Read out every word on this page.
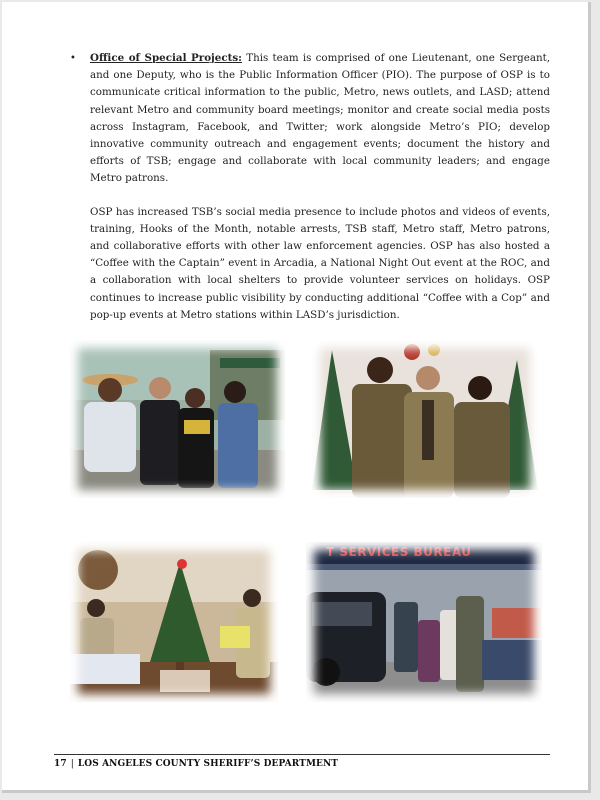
• Office of Special Projects: This team is comprised of one Lieutenant, one Sergeant, and one Deputy, who is the Public Information Officer (PIO). The purpose of OSP is to communicate critical information to the public, Metro, news outlets, and LASD; attend relevant Metro and community board meetings; monitor and create social media posts across Instagram, Facebook, and Twitter; work alongside Metro’s PIO; develop innovative community outreach and engagement events; document the history and efforts of TSB; engage and collaborate with local community leaders; and engage Metro patrons.
OSP has increased TSB’s social media presence to include photos and videos of events, training, Hooks of the Month, notable arrests, TSB staff, Metro staff, Metro patrons, and collaborative efforts with other law enforcement agencies. OSP has also hosted a “Coffee with the Captain” event in Arcadia, a National Night Out event at the ROC, and a collaboration with local shelters to provide volunteer services on holidays. OSP continues to increase public visibility by conducting additional “Coffee with a Cop” and pop-up events at Metro stations within LASD’s jurisdiction.
T SERVICES BUREAU
17 | LOS ANGELES COUNTY SHERIFF’S DEPARTMENT
